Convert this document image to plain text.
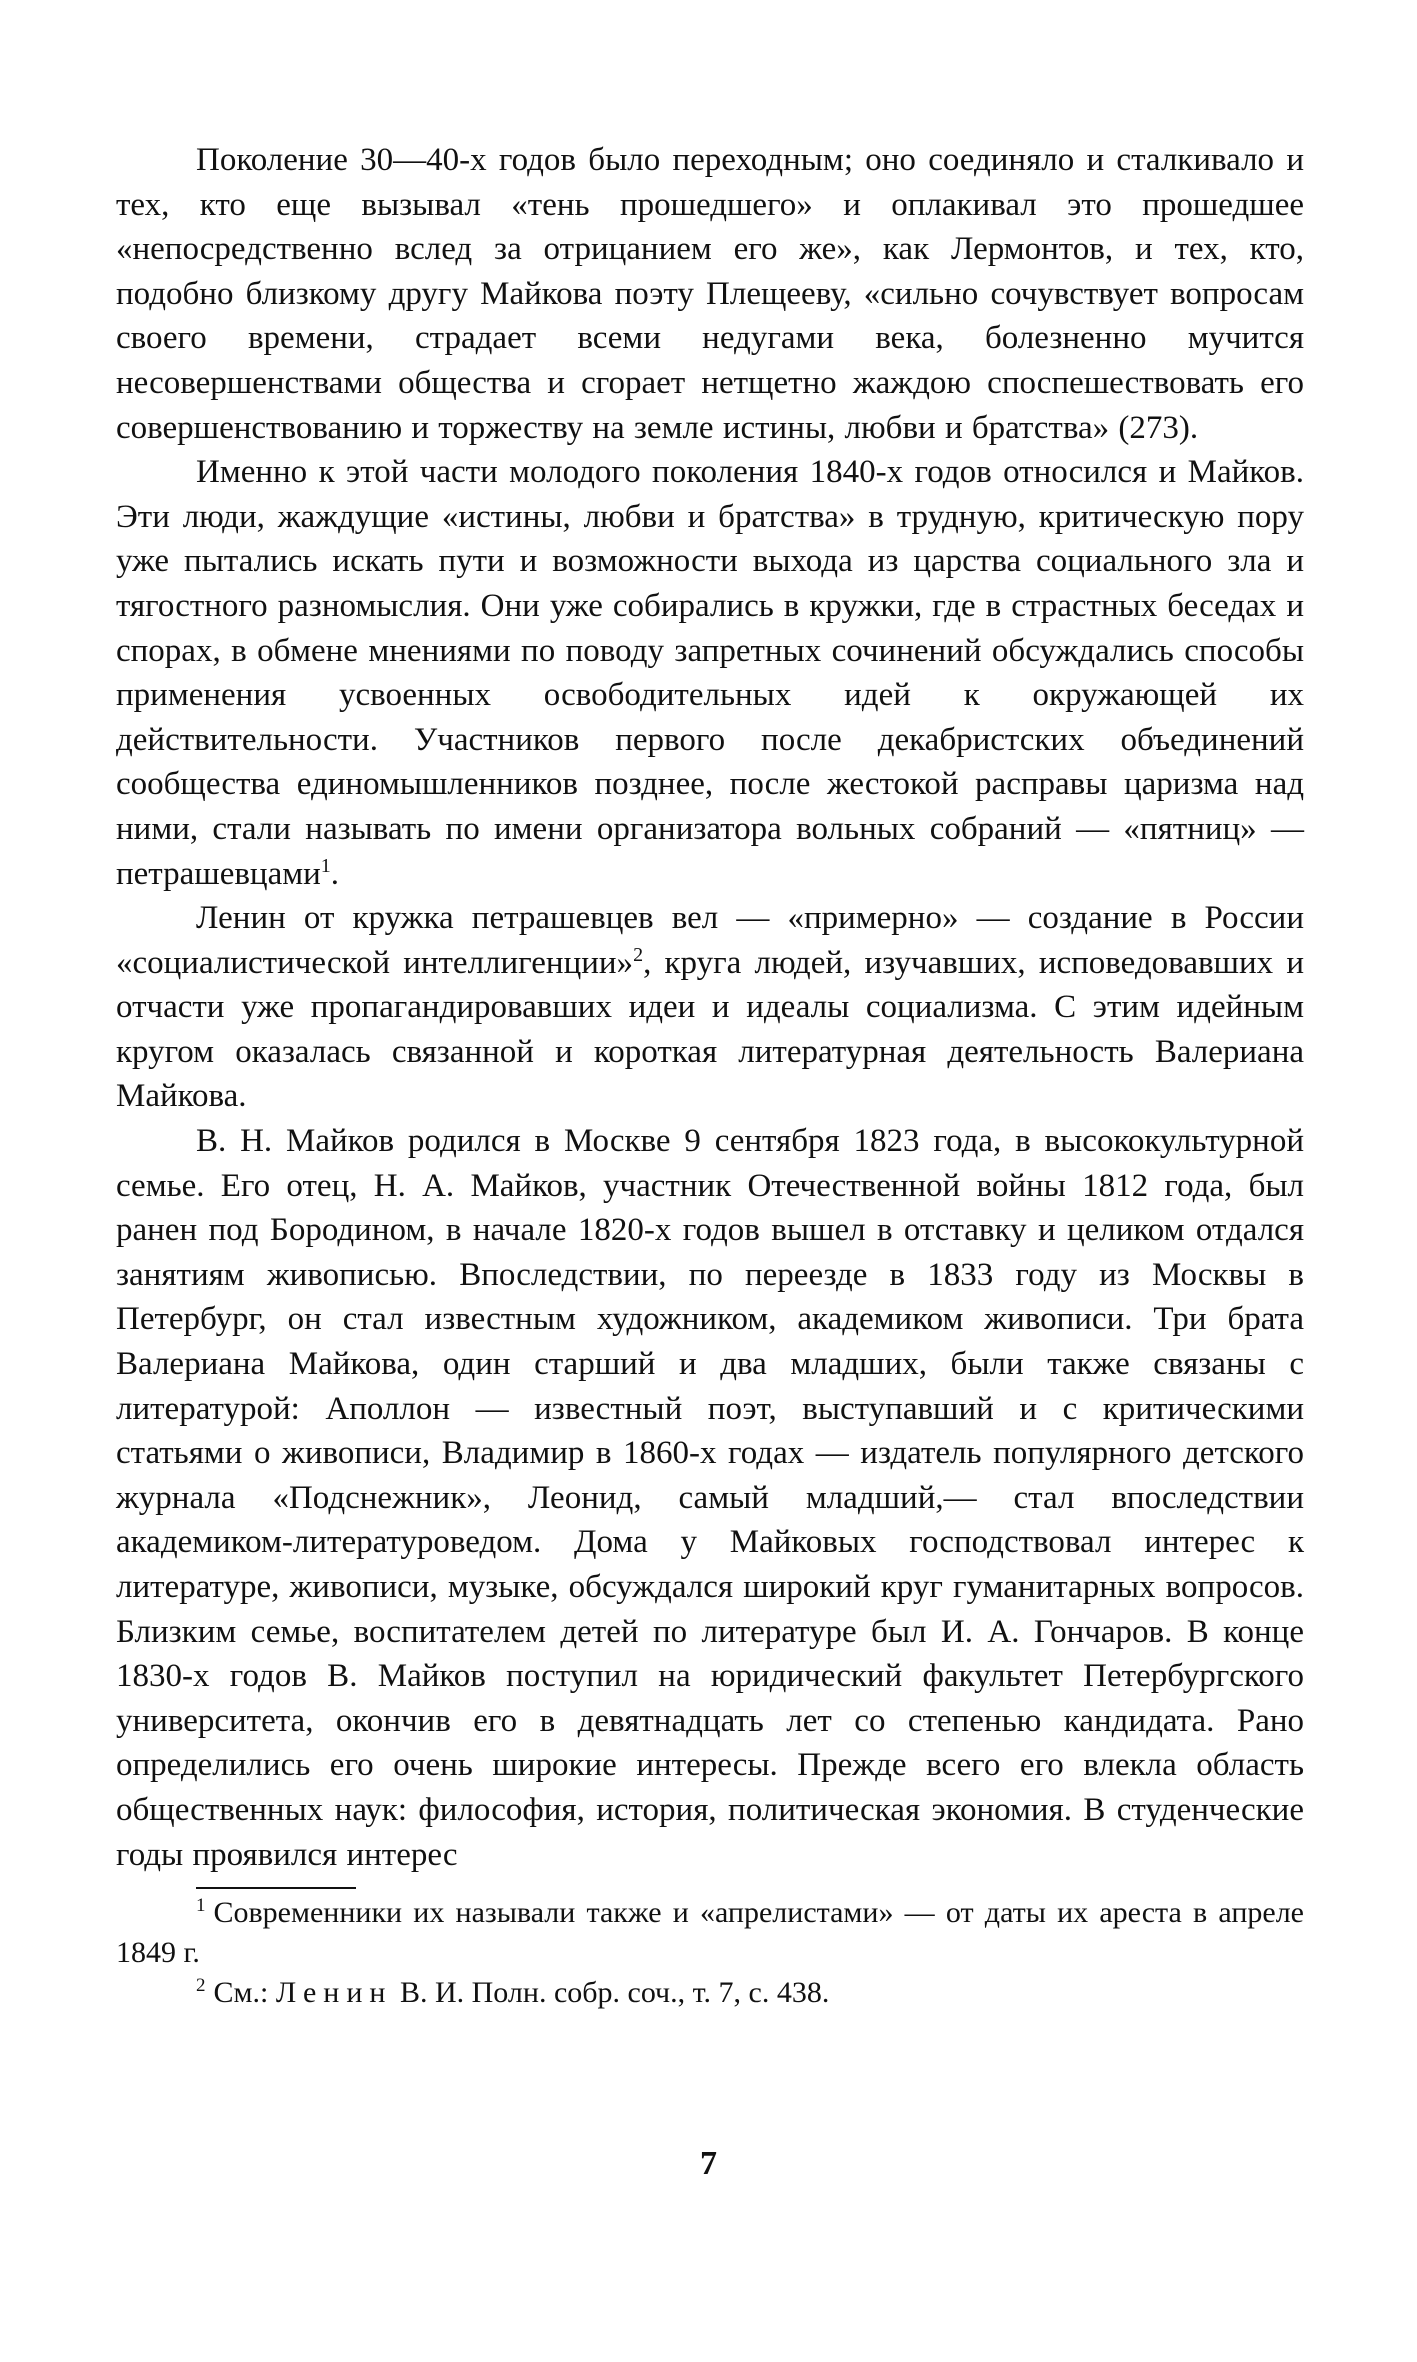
Поколение 30—40-х годов было переходным; оно соединяло и сталкивало и тех, кто еще вызывал «тень прошедшего» и оплакивал это прошедшее «непосредственно вслед за отрицанием его же», как Лермонтов, и тех, кто, подобно близкому другу Майкова поэту Плещееву, «сильно сочувствует вопросам своего времени, страдает всеми недугами века, болезненно мучится несовершенствами общества и сгорает нетщетно жаждою споспешествовать его совершенствованию и торжеству на земле истины, любви и братства» (273).

Именно к этой части молодого поколения 1840-х годов относился и Майков. Эти люди, жаждущие «истины, любви и братства» в трудную, критическую пору уже пытались искать пути и возможности выхода из царства социального зла и тягостного разномыслия. Они уже собирались в кружки, где в страстных беседах и спорах, в обмене мнениями по поводу запретных сочинений обсуждались способы применения усвоенных освободительных идей к окружающей их действительности. Участников первого после декабристских объединений сообщества единомышленников позднее, после жестокой расправы царизма над ними, стали называть по имени организатора вольных собраний — «пятниц» — петрашевцами$^1$.

Ленин от кружка петрашевцев вел — «примерно» — создание в России «социалистической интеллигенции»$^2$, круга людей, изучавших, исповедовавших и отчасти уже пропагандировавших идеи и идеалы социализма. С этим идейным кругом оказалась связанной и короткая литературная деятельность Валериана Майкова.

В. Н. Майков родился в Москве 9 сентября 1823 года, в высококультурной семье. Его отец, Н. А. Майков, участник Отечественной войны 1812 года, был ранен под Бородином, в начале 1820-х годов вышел в отставку и целиком отдался занятиям живописью. Впоследствии, по переезде в 1833 году из Москвы в Петербург, он стал известным художником, академиком живописи. Три брата Валериана Майкова, один старший и два младших, были также связаны с литературой: Аполлон — известный поэт, выступавший и с критическими статьями о живописи, Владимир в 1860-х годах — издатель популярного детского журнала «Подснежник», Леонид, самый младший,— стал впоследствии академиком-литературоведом. Дома у Майковых господствовал интерес к литературе, живописи, музыке, обсуждался широкий круг гуманитарных вопросов. Близким семье, воспитателем детей по литературе был И. А. Гончаров. В конце 1830-х годов В. Майков поступил на юридический факультет Петербургского университета, окончив его в девятнадцать лет со степенью кандидата. Рано определились его очень широкие интересы. Прежде всего его влекла область общественных наук: философия, история, политическая экономия. В студенческие годы проявился интерес

$^1$ Современники их называли также и «апрелистами» — от даты их ареста в апреле 1849 г.

$^2$ См.: Ленин В. И. Полн. собр. соч., т. 7, с. 438.

7
